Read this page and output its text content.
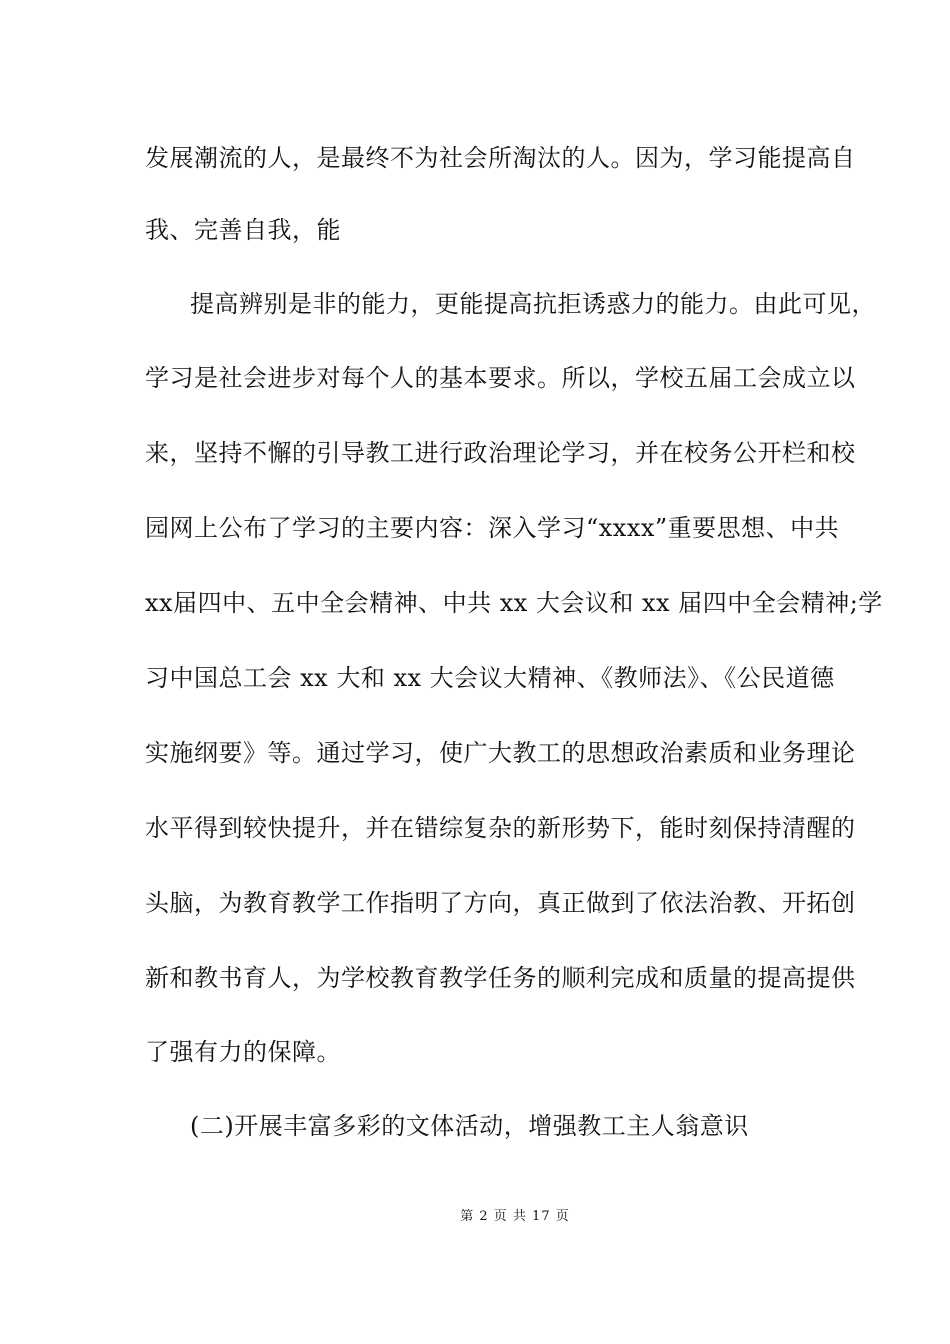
发展潮流的人，是最终不为社会所淘汰的人。因为，学习能提高自
我、完善自我，能
提高辨别是非的能力，更能提高抗拒诱惑力的能力。由此可见，
学习是社会进步对每个人的基本要求。所以，学校五届工会成立以
来，坚持不懈的引导教工进行政治理论学习，并在校务公开栏和校
园网上公布了学习的主要内容：深入学习“xxxx”重要思想、中共
xx届四中、五中全会精神、中共 xx 大会议和 xx 届四中全会精神;学
习中国总工会 xx 大和 xx 大会议大精神、《教师法》、《公民道德
实施纲要》等。通过学习，使广大教工的思想政治素质和业务理论
水平得到较快提升，并在错综复杂的新形势下，能时刻保持清醒的
头脑，为教育教学工作指明了方向，真正做到了依法治教、开拓创
新和教书育人，为学校教育教学任务的顺利完成和质量的提高提供
了强有力的保障。
(二)开展丰富多彩的文体活动，增强教工主人翁意识
第 2 页 共 17 页
